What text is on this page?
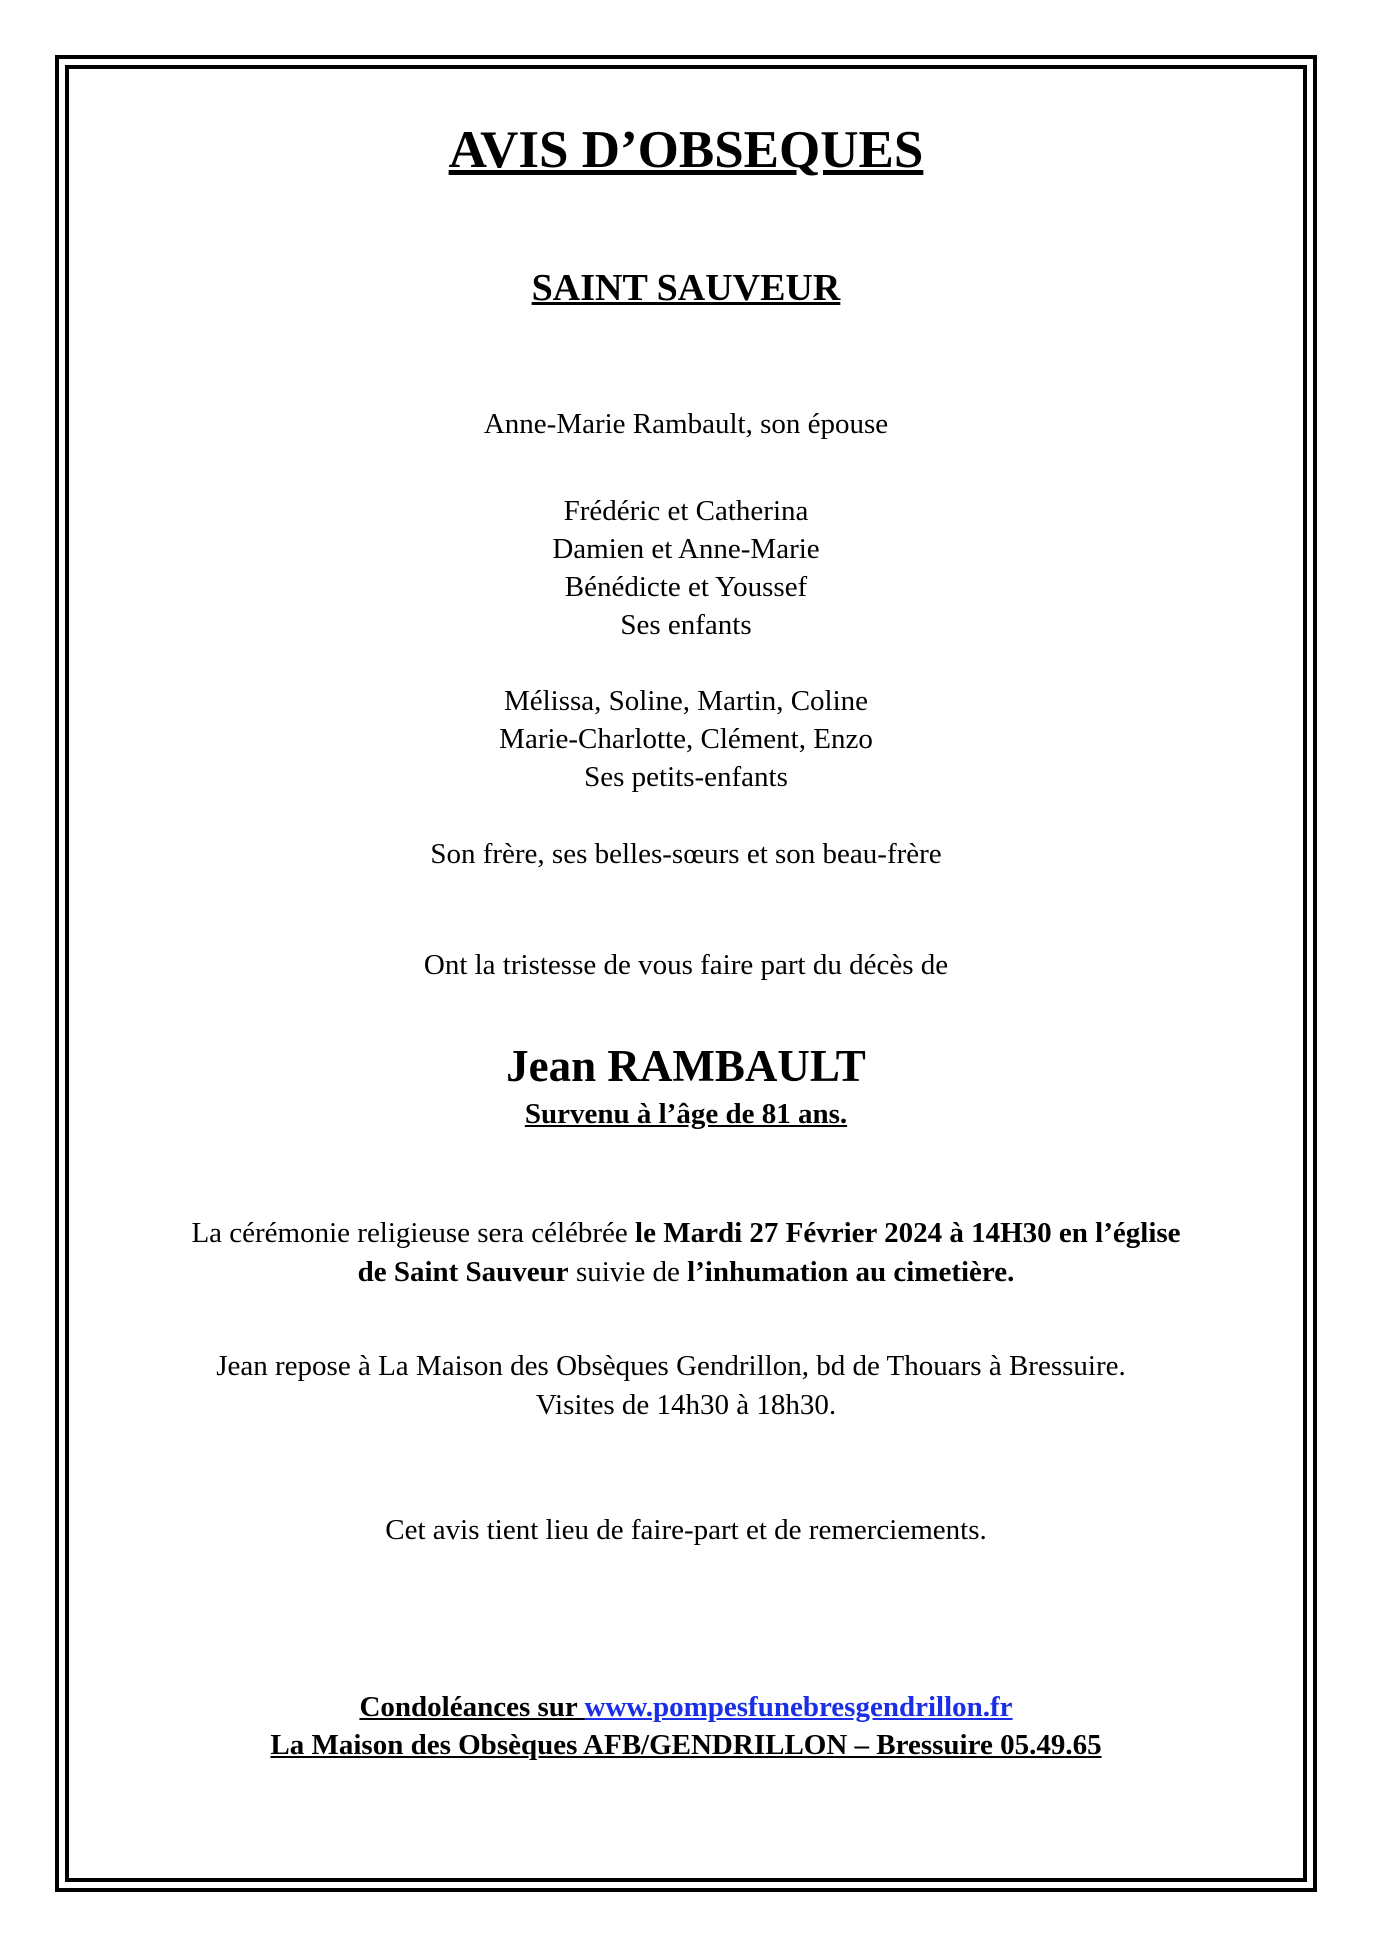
AVIS D’OBSEQUES
SAINT SAUVEUR
Anne-Marie Rambault, son épouse
Frédéric et Catherina
Damien et Anne-Marie
Bénédicte et Youssef
Ses enfants
Mélissa, Soline, Martin, Coline
Marie-Charlotte, Clément, Enzo
Ses petits-enfants
Son frère, ses belles-sœurs et son beau-frère
Ont la tristesse de vous faire part du décès de
Jean RAMBAULT
Survenu à l’âge de 81 ans.
La cérémonie religieuse sera célébrée le Mardi 27 Février 2024 à 14H30 en l’église
de Saint Sauveur suivie de l’inhumation au cimetière.
Jean repose à La Maison des Obsèques Gendrillon, bd de Thouars à Bressuire.
Visites de 14h30 à 18h30.
Cet avis tient lieu de faire-part et de remerciements.
Condoléances sur www.pompesfunebresgendrillon.fr
La Maison des Obsèques AFB/GENDRILLON – Bressuire 05.49.65
